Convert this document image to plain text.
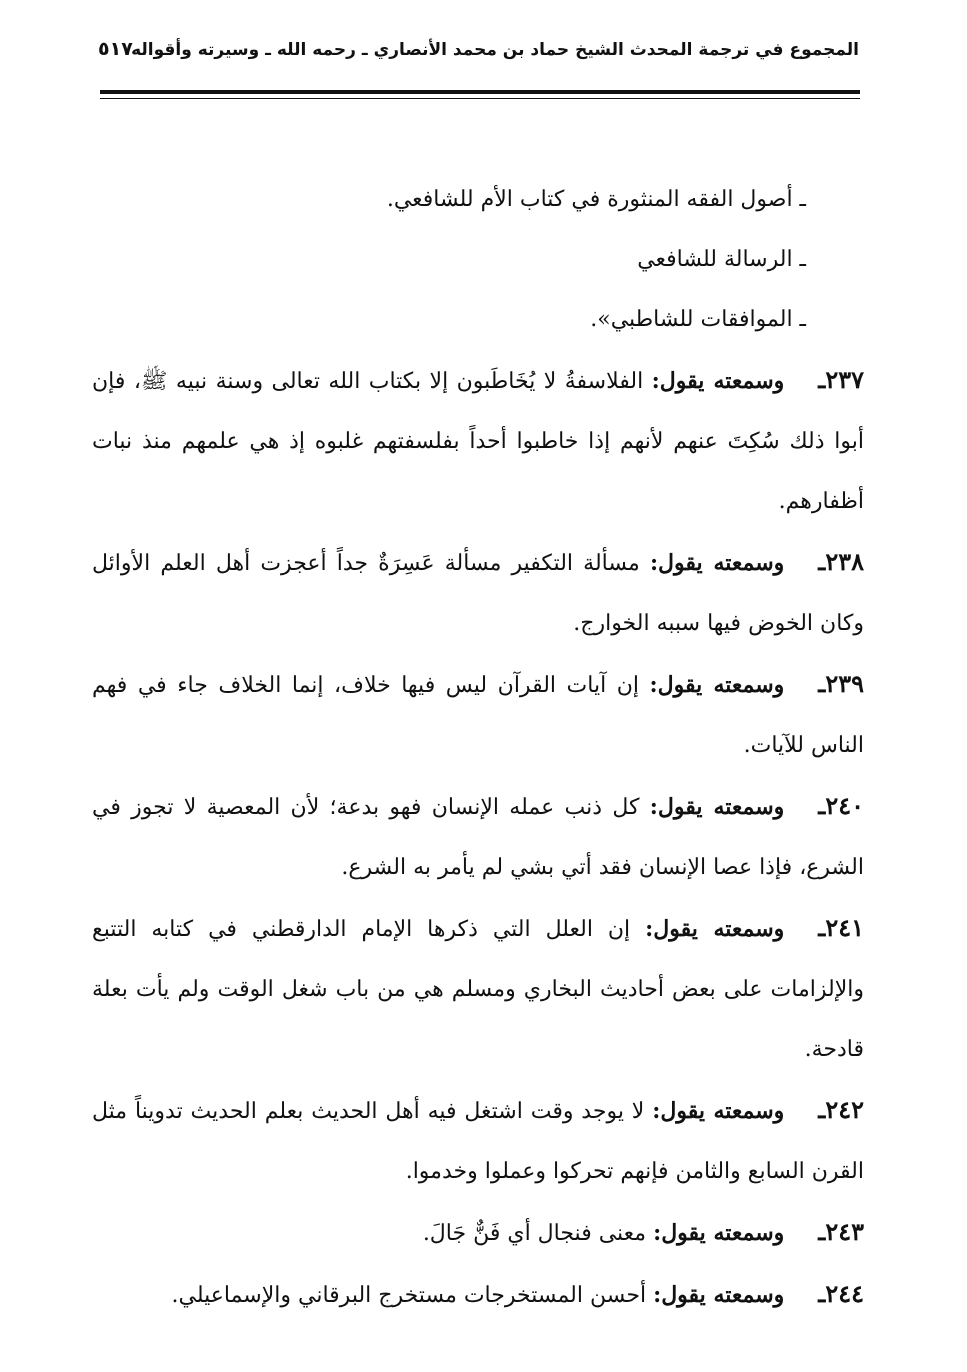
المجموع في ترجمة المحدث الشيخ حماد بن محمد الأنصاري ـ رحمه الله ـ وسيرته وأقواله
٥١٧

ـ أصول الفقه المنثورة في كتاب الأم للشافعي.

ـ الرسالة للشافعي

ـ الموافقات للشاطبي».

٢٣٧ـوسمعته يقول: الفلاسفةُ لا يُخَاطَبون إلا بكتاب الله تعالى وسنة نبيه ﷺ، فإن أبوا ذلك سُكِتَ عنهم لأنهم إذا خاطبوا أحداً بفلسفتهم غلبوه إذ هي علمهم منذ نبات أظفارهم.

٢٣٨ـوسمعته يقول: مسألة التكفير مسألة عَسِرَةٌ جداً أعجزت أهل العلم الأوائل وكان الخوض فيها سببه الخوارج.

٢٣٩ـوسمعته يقول: إن آيات القرآن ليس فيها خلاف، إنما الخلاف جاء في فهم الناس للآيات.

٢٤٠ـوسمعته يقول: كل ذنب عمله الإنسان فهو بدعة؛ لأن المعصية لا تجوز في الشرع، فإذا عصا الإنسان فقد أتي بشي لم يأمر به الشرع.

٢٤١ـوسمعته يقول: إن العلل التي ذكرها الإمام الدارقطني في كتابه التتبع والإلزامات على بعض أحاديث البخاري ومسلم هي من باب شغل الوقت ولم يأت بعلة قادحة.

٢٤٢ـوسمعته يقول: لا يوجد وقت اشتغل فيه أهل الحديث بعلم الحديث تدويناً مثل القرن السابع والثامن فإنهم تحركوا وعملوا وخدموا.

٢٤٣ـوسمعته يقول: معنى فنجال أي فَنٌّ جَالَ.

٢٤٤ـوسمعته يقول: أحسن المستخرجات مستخرج البرقاني والإسماعيلي.
